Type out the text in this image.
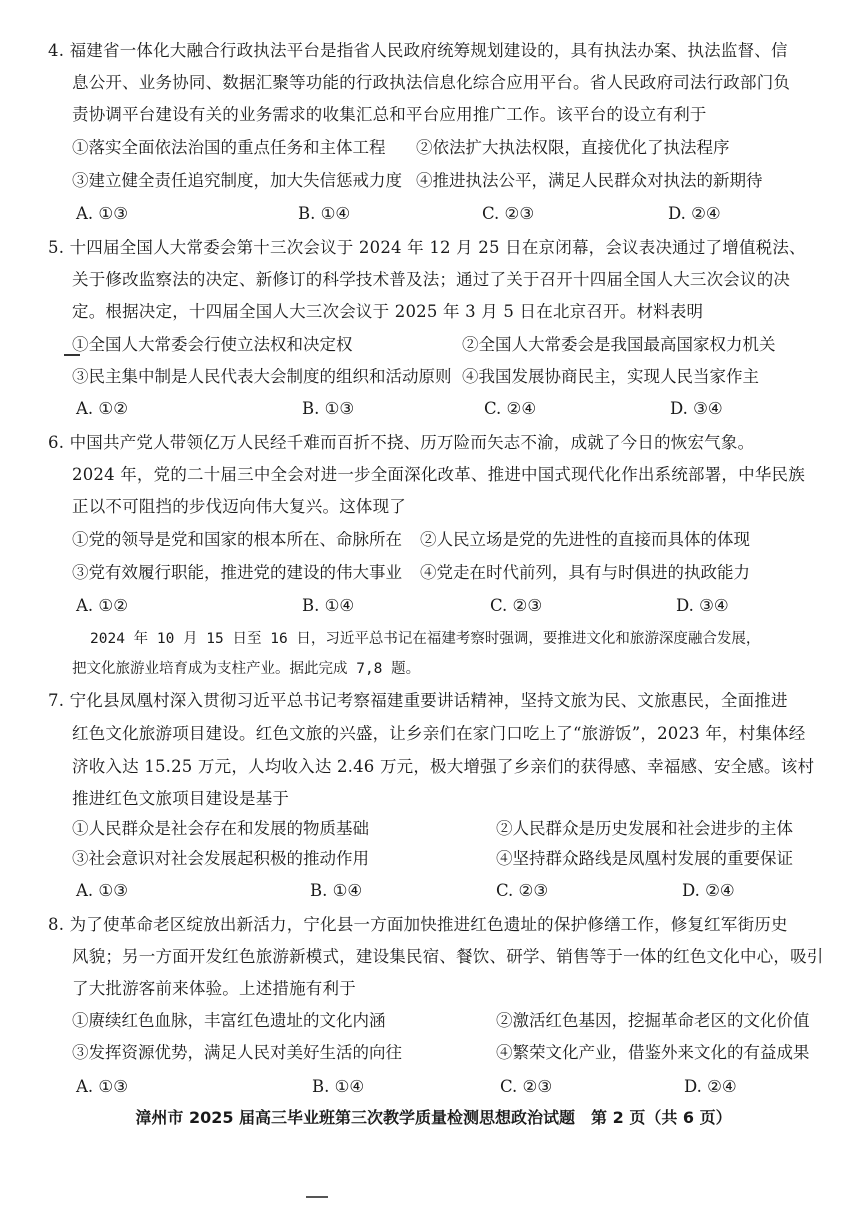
4. 福建省一体化大融合行政执法平台是指省人民政府统筹规划建设的，具有执法办案、执法监督、信
息公开、业务协同、数据汇聚等功能的行政执法信息化综合应用平台。省人民政府司法行政部门负
责协调平台建设有关的业务需求的收集汇总和平台应用推广工作。该平台的设立有利于
①落实全面依法治国的重点任务和主体工程 ②依法扩大执法权限，直接优化了执法程序
③建立健全责任追究制度，加大失信惩戒力度 ④推进执法公平，满足人民群众对执法的新期待
A. ①③	B. ①④	C. ②③	D. ②④
5. 十四届全国人大常委会第十三次会议于 2024 年 12 月 25 日在京闭幕，会议表决通过了增值税法、
关于修改监察法的决定、新修订的科学技术普及法；通过了关于召开十四届全国人大三次会议的决
定。根据决定，十四届全国人大三次会议于 2025 年 3 月 5 日在北京召开。材料表明
①全国人大常委会行使立法权和决定权	②全国人大常委会是我国最高国家权力机关
③民主集中制是人民代表大会制度的组织和活动原则 ④我国发展协商民主，实现人民当家作主
A. ①②	B. ①③	C. ②④	D. ③④
6. 中国共产党人带领亿万人民经千难而百折不挠、历万险而矢志不渝，成就了今日的恢宏气象。
2024 年，党的二十届三中全会对进一步全面深化改革、推进中国式现代化作出系统部署，中华民族
正以不可阻挡的步伐迈向伟大复兴。这体现了
①党的领导是党和国家的根本所在、命脉所在 ②人民立场是党的先进性的直接而具体的体现
③党有效履行职能，推进党的建设的伟大事业 ④党走在时代前列，具有与时俱进的执政能力
A. ①②	B. ①④	C. ②③	D. ③④
2024 年 10 月 15 日至 16 日，习近平总书记在福建考察时强调，要推进文化和旅游深度融合发展，
把文化旅游业培育成为支柱产业。据此完成 7,8 题。
7. 宁化县凤凰村深入贯彻习近平总书记考察福建重要讲话精神，坚持文旅为民、文旅惠民，全面推进
红色文化旅游项目建设。红色文旅的兴盛，让乡亲们在家门口吃上了“旅游饭”，2023 年，村集体经
济收入达 15.25 万元，人均收入达 2.46 万元，极大增强了乡亲们的获得感、幸福感、安全感。该村
推进红色文旅项目建设是基于
①人民群众是社会存在和发展的物质基础	②人民群众是历史发展和社会进步的主体
③社会意识对社会发展起积极的推动作用	④坚持群众路线是凤凰村发展的重要保证
A. ①③	B. ①④	C. ②③	D. ②④
8. 为了使革命老区绽放出新活力，宁化县一方面加快推进红色遗址的保护修缮工作，修复红军街历史
风貌；另一方面开发红色旅游新模式，建设集民宿、餐饮、研学、销售等于一体的红色文化中心，吸引
了大批游客前来体验。上述措施有利于
①赓续红色血脉，丰富红色遗址的文化内涵	②激活红色基因，挖掘革命老区的文化价值
③发挥资源优势，满足人民对美好生活的向往	④繁荣文化产业，借鉴外来文化的有益成果
A. ①③	B. ①④	C. ②③	D. ②④
漳州市 2025 届高三毕业班第三次教学质量检测思想政治试题　第 2 页（共 6 页）
